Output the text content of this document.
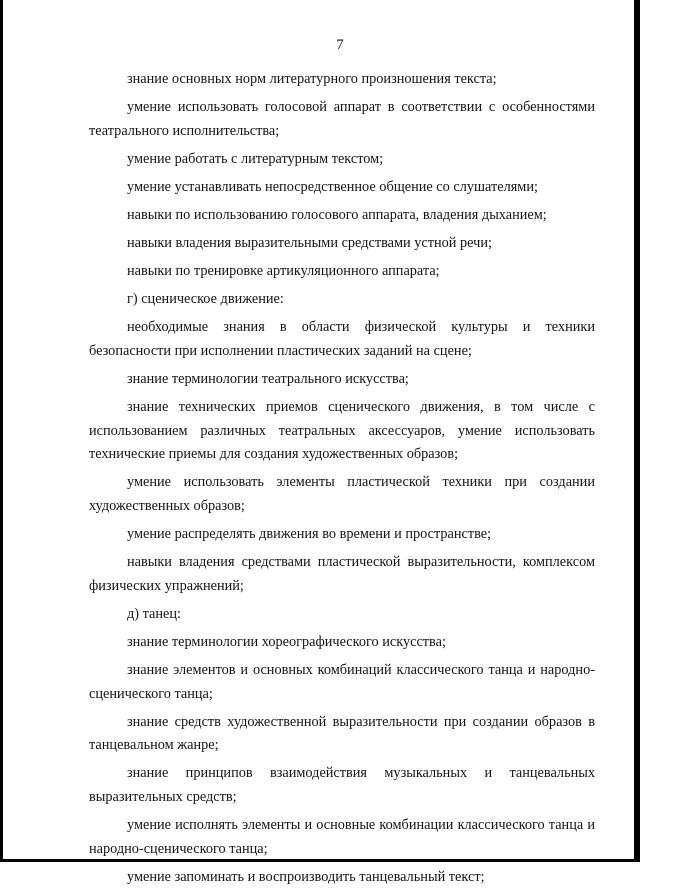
7

знание основных норм литературного произношения текста;

умение использовать голосовой аппарат в соответствии с особенностями театрального исполнительства;

умение работать с литературным текстом;

умение устанавливать непосредственное общение со слушателями;

навыки по использованию голосового аппарата, владения дыханием;

навыки владения выразительными средствами устной речи;

навыки по тренировке артикуляционного аппарата;

г) сценическое движение:

необходимые знания в области физической культуры и техники безопасности при исполнении пластических заданий на сцене;

знание терминологии театрального искусства;

знание технических приемов сценического движения, в том числе с использованием различных театральных аксессуаров, умение использовать технические приемы для создания художественных образов;

умение использовать элементы пластической техники при создании художественных образов;

умение распределять движения во времени и пространстве;

навыки владения средствами пластической выразительности, комплексом физических упражнений;

д) танец:

знание терминологии хореографического искусства;

знание элементов и основных комбинаций классического танца и народно-сценического танца;

знание средств художественной выразительности при создании образов в танцевальном жанре;

знание принципов взаимодействия музыкальных и танцевальных выразительных средств;

умение исполнять элементы и основные комбинации классического танца и народно-сценического танца;

умение запоминать и воспроизводить танцевальный текст;
